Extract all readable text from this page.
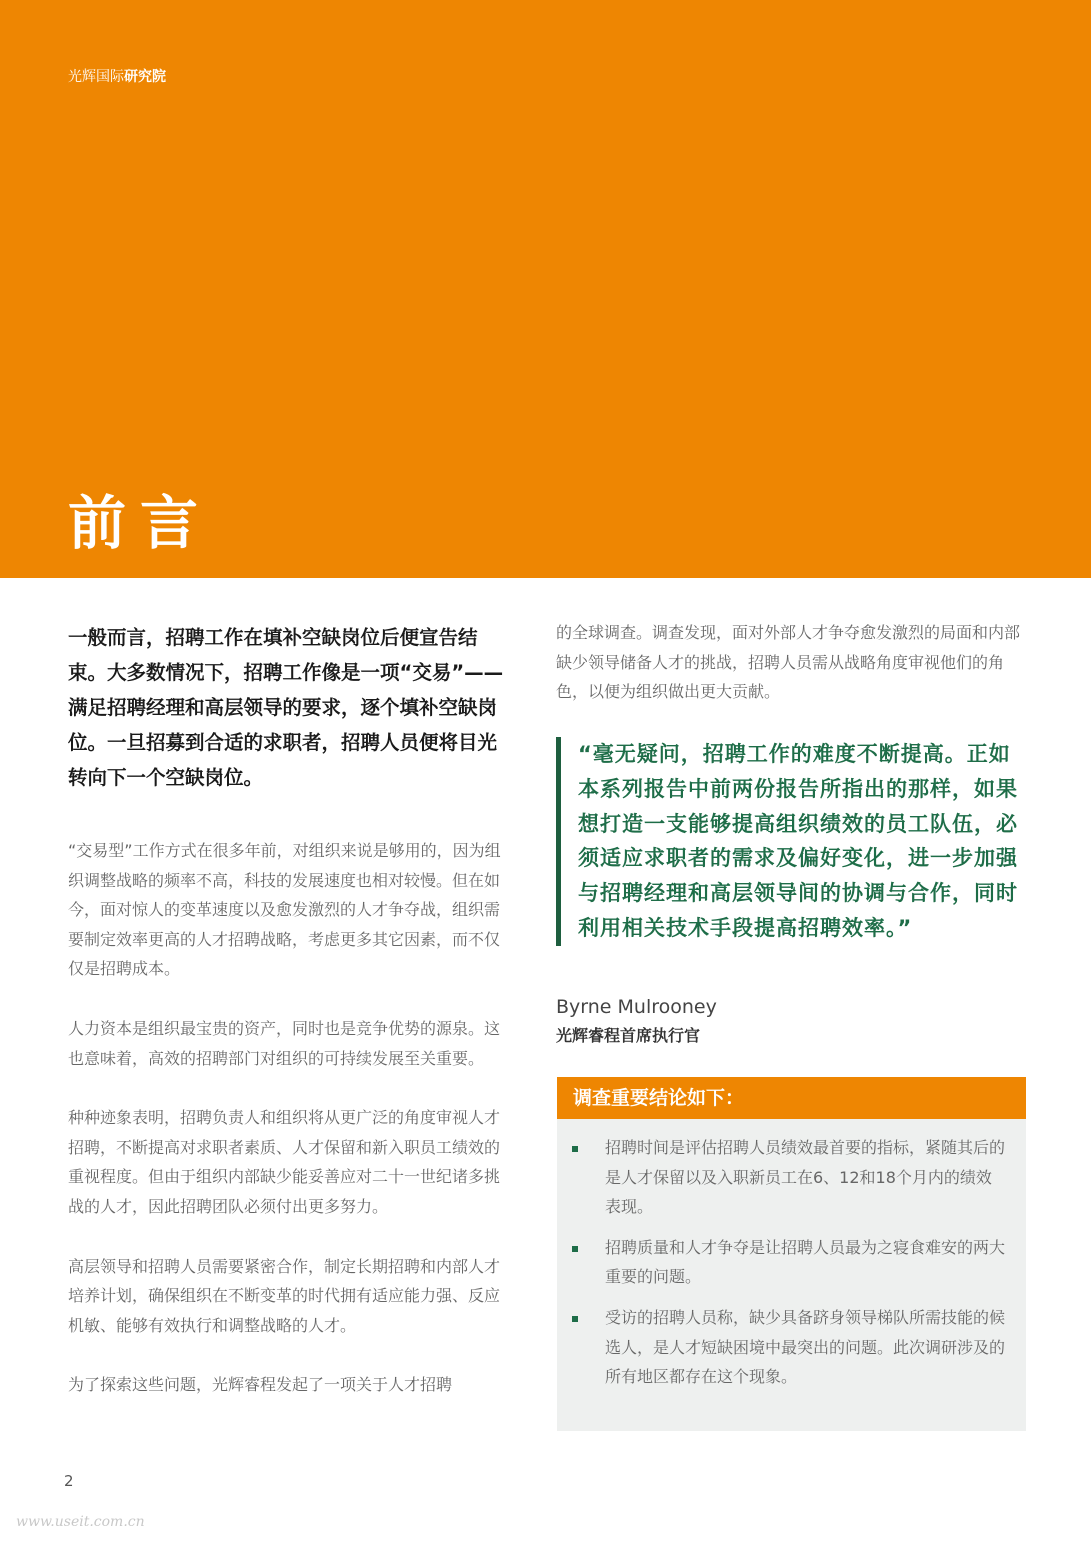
光辉国际研究院
前言

一般而言，招聘工作在填补空缺岗位后便宣告结束。大多数情况下，招聘工作像是一项“交易”——满足招聘经理和高层领导的要求，逐个填补空缺岗位。一旦招募到合适的求职者，招聘人员便将目光转向下一个空缺岗位。

“交易型”工作方式在很多年前，对组织来说是够用的，因为组织调整战略的频率不高，科技的发展速度也相对较慢。但在如今，面对惊人的变革速度以及愈发激烈的人才争夺战，组织需要制定效率更高的人才招聘战略，考虑更多其它因素，而不仅仅是招聘成本。

人力资本是组织最宝贵的资产，同时也是竞争优势的源泉。这也意味着，高效的招聘部门对组织的可持续发展至关重要。

种种迹象表明，招聘负责人和组织将从更广泛的角度审视人才招聘，不断提高对求职者素质、人才保留和新入职员工绩效的重视程度。但由于组织内部缺少能妥善应对二十一世纪诸多挑战的人才，因此招聘团队必须付出更多努力。

高层领导和招聘人员需要紧密合作，制定长期招聘和内部人才培养计划，确保组织在不断变革的时代拥有适应能力强、反应机敏、能够有效执行和调整战略的人才。

为了探索这些问题，光辉睿程发起了一项关于人才招聘

的全球调查。调查发现，面对外部人才争夺愈发激烈的局面和内部缺少领导储备人才的挑战，招聘人员需从战略角度审视他们的角色，以便为组织做出更大贡献。

“毫无疑问，招聘工作的难度不断提高。正如本系列报告中前两份报告所指出的那样，如果想打造一支能够提高组织绩效的员工队伍，必须适应求职者的需求及偏好变化，进一步加强与招聘经理和高层领导间的协调与合作，同时利用相关技术手段提高招聘效率。”

Byrne Mulrooney
光辉睿程首席执行官
调查重要结论如下：
招聘时间是评估招聘人员绩效最首要的指标，紧随其后的是人才保留以及入职新员工在6、12和18个月内的绩效表现。
招聘质量和人才争夺是让招聘人员最为之寝食难安的两大重要的问题。
受访的招聘人员称，缺少具备跻身领导梯队所需技能的候选人，是人才短缺困境中最突出的问题。此次调研涉及的所有地区都存在这个现象。
2
www.useit.com.cn
